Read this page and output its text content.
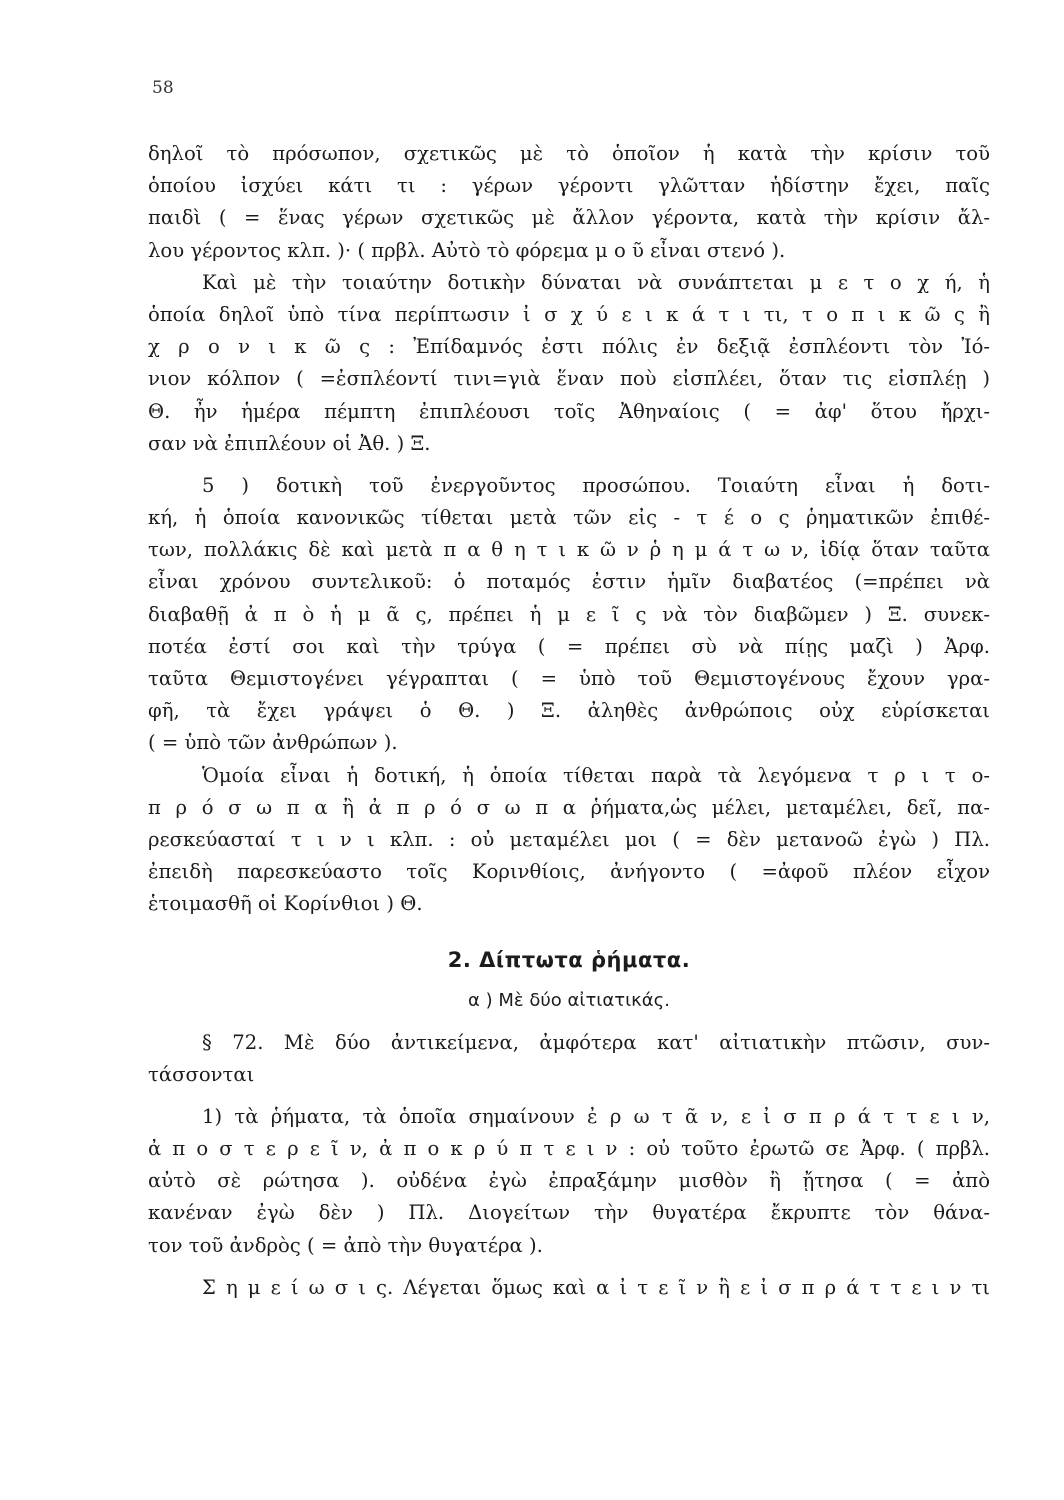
58
δηλοῖ τὸ πρόσωπον, σχετικῶς μὲ τὸ ὁποῖον ἡ κατὰ τὴν κρίσιν τοῦ
ὁποίου ἰσχύει κάτι τι : γέρων γέροντι γλῶτταν ἡδίστην ἔχει, παῖς
παιδὶ ( = ἕνας γέρων σχετικῶς μὲ ἄλλον γέροντα, κατὰ τὴν κρίσιν ἄλ-
λου γέροντος κλπ. )· ( πρβλ. Αὐτὸ τὸ φόρεμα μ ο ῦ εἶναι στενό ).
Καὶ μὲ τὴν τοιαύτην δοτικὴν δύναται νὰ συνάπτεται μ ε τ ο χ ή, ἡ
ὁποία δηλοῖ ὑπὸ τίνα περίπτωσιν ἰ σ χ ύ ε ι κ ά τ ι τι, τ ο π ι κ ῶ ς ἢ
χ ρ ο ν ι κ ῶ ς : Ἐπίδαμνός ἐστι πόλις ἐν δεξιᾷ ἐσπλέοντι τὸν Ἰό-
νιον κόλπον ( =ἐσπλέοντί τινι=γιὰ ἕναν ποὺ εἰσπλέει, ὅταν τις εἰσπλέῃ )
Θ. ἦν ἡμέρα πέμπτη ἐπιπλέουσι τοῖς Ἀθηναίοις ( = ἀφ' ὅτου ἤρχι-
σαν νὰ ἐπιπλέουν οἱ Ἀθ. ) Ξ.
5 ) δοτικὴ τοῦ ἐνεργοῦντος προσώπου. Τοιαύτη εἶναι ἡ δοτι-
κή, ἡ ὁποία κανονικῶς τίθεται μετὰ τῶν εἰς - τ έ ο ς ῥηματικῶν ἐπιθέ-
των, πολλάκις δὲ καὶ μετὰ π α θ η τ ι κ ῶ ν ῥ η μ ά τ ω ν, ἰδίᾳ ὅταν ταῦτα
εἶναι χρόνου συντελικοῦ: ὁ ποταμός ἐστιν ἡμῖν διαβατέος (=πρέπει νὰ
διαβαθῇ ἀ π ὸ ἡ μ ᾶ ς, πρέπει ἡ μ ε ῖ ς νὰ τὸν διαβῶμεν ) Ξ. συνεκ-
ποτέα ἐστί σοι καὶ τὴν τρύγα ( = πρέπει σὺ νὰ πίῃς μαζὶ ) Ἀρφ.
ταῦτα Θεμιστογένει γέγραπται ( = ὑπὸ τοῦ Θεμιστογένους ἔχουν γρα-
φῆ, τὰ ἔχει γράψει ὁ Θ. ) Ξ. ἀληθὲς ἀνθρώποις οὐχ εὑρίσκεται
( = ὑπὸ τῶν ἀνθρώπων ).
Ὁμοία εἶναι ἡ δοτική, ἡ ὁποία τίθεται παρὰ τὰ λεγόμενα τ ρ ι τ ο-
π ρ ό σ ω π α ἢ ἀ π ρ ό σ ω π α ῥήματα,ὡς μέλει, μεταμέλει, δεῖ, πα-
ρεσκεύασταί τ ι ν ι κλπ. : οὐ μεταμέλει μοι ( = δὲν μετανοῶ ἐγὼ ) Πλ.
ἐπειδὴ παρεσκεύαστο τοῖς Κορινθίοις, ἀνήγοντο ( =ἀφοῦ πλέον εἶχον
ἑτοιμασθῆ οἱ Κορίνθιοι ) Θ.
2. Δίπτωτα ῥήματα.
α ) Μὲ δύο αἰτιατικάς.
§ 72. Μὲ δύο ἀντικείμενα, ἀμφότερα κατ' αἰτιατικὴν πτῶσιν, συν-
τάσσονται
1) τὰ ῥήματα, τὰ ὁποῖα σημαίνουν ἐ ρ ω τ ᾶ ν, ε ἰ σ π ρ ά τ τ ε ι ν,
ἀ π ο σ τ ε ρ ε ῖ ν, ἀ π ο κ ρ ύ π τ ε ι ν : οὐ τοῦτο ἐρωτῶ σε Ἀρφ. ( πρβλ.
αὐτὸ σὲ ρώτησα ). οὐδένα ἐγὼ ἐπραξάμην μισθὸν ἢ ᾔτησα ( = ἀπὸ
κανέναν ἐγὼ δὲν ) Πλ. Διογείτων τὴν θυγατέρα ἔκρυπτε τὸν θάνα-
τον τοῦ ἀνδρὸς ( = ἀπὸ τὴν θυγατέρα ).
Σ η μ ε ί ω σ ι ς. Λέγεται ὅμως καὶ α ἰ τ ε ῖ ν ἢ ε ἰ σ π ρ ά τ τ ε ι ν τι
